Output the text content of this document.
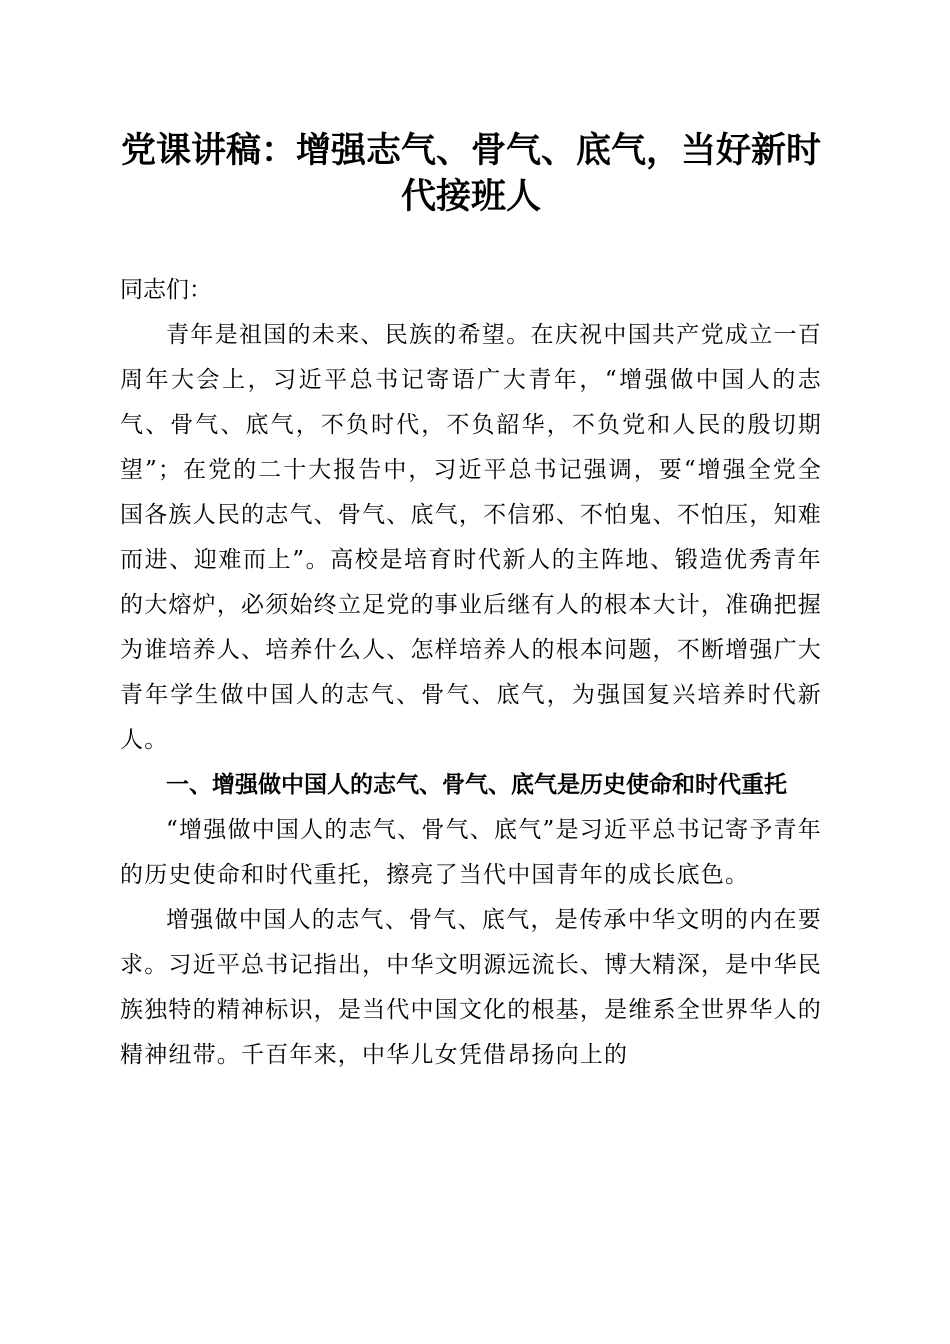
党课讲稿：增强志气、骨气、底气，当好新时代接班人

同志们：

青年是祖国的未来、民族的希望。在庆祝中国共产党成立一百周年大会上，习近平总书记寄语广大青年，“增强做中国人的志气、骨气、底气，不负时代，不负韶华，不负党和人民的殷切期望”；在党的二十大报告中，习近平总书记强调，要“增强全党全国各族人民的志气、骨气、底气，不信邪、不怕鬼、不怕压，知难而进、迎难而上”。高校是培育时代新人的主阵地、锻造优秀青年的大熔炉，必须始终立足党的事业后继有人的根本大计，准确把握为谁培养人、培养什么人、怎样培养人的根本问题，不断增强广大青年学生做中国人的志气、骨气、底气，为强国复兴培养时代新人。

一、增强做中国人的志气、骨气、底气是历史使命和时代重托

“增强做中国人的志气、骨气、底气”是习近平总书记寄予青年的历史使命和时代重托，擦亮了当代中国青年的成长底色。

增强做中国人的志气、骨气、底气，是传承中华文明的内在要求。习近平总书记指出，中华文明源远流长、博大精深，是中华民族独特的精神标识，是当代中国文化的根基，是维系全世界华人的精神纽带。千百年来，中华儿女凭借昂扬向上的
